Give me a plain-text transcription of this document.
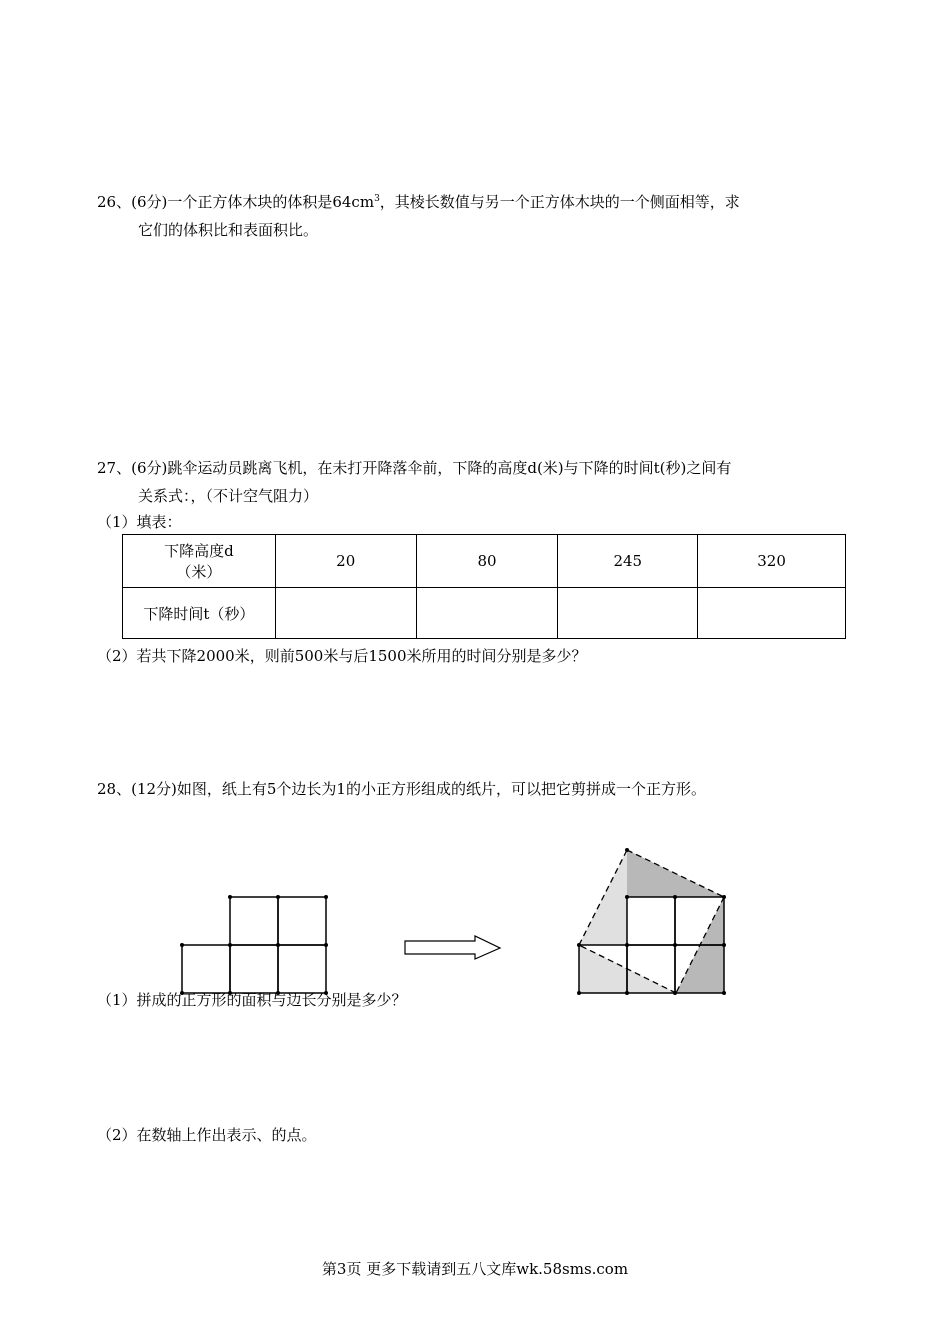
26、(6分)一个正方体木块的体积是$64cm^3$，其棱长数值与另一个正方体木块的一个侧面相等，求
它们的体积比和表面积比。
27、(6分)跳伞运动员跳离飞机，在未打开降落伞前，下降的高度d(米)与下降的时间t(秒)之间有
关系式：，（不计空气阻力）
（1）填表：
下降高度d
（米）	20	80	245	320
下降时间t（秒）				
（2）若共下降2000米，则前500米与后1500米所用的时间分别是多少？
28、(12分)如图，纸上有5个边长为1的小正方形组成的纸片，可以把它剪拼成一个正方形。
（1）拼成的正方形的面积与边长分别是多少？
（2）在数轴上作出表示、的点。
第3页 更多下载请到五八文库wk.58sms.com
